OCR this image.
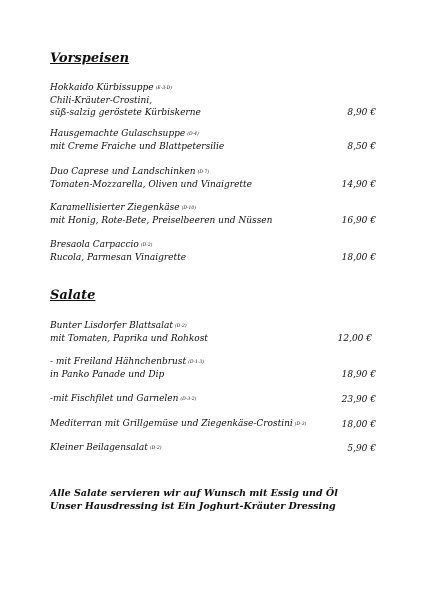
Vorspeisen
Hokkaido Kürbissuppe (E-3-D)
Chili-Kräuter-Crostini,
süß-salzig geröstete Kürbiskerne	8,90 €
Hausgemachte Gulaschsuppe (D-4)
mit Creme Fraiche und Blattpetersilie	8,50 €
Duo Caprese und Landschinken (D-7)
Tomaten-Mozzarella, Oliven und Vinaigrette	14,90 €
Karamellisierter Ziegenkäse (D-10)
mit Honig, Rote-Bete, Preiselbeeren und Nüssen	16,90 €
Bresaola Carpaccio (D-2)
Rucola, Parmesan Vinaigrette	18,00 €
Salate
Bunter Lisdorfer Blattsalat (D-2)
mit Tomaten, Paprika und Rohkost	12,00 €
- mit Freiland Hähnchenbrust (D-1-3)
in Panko Panade und Dip	18,90 €
-mit Fischfilet und Garnelen (D-3-2)	23,90 €
Mediterran mit Grillgemüse und Ziegenkäse-Crostini (D-3)	18,00 €
Kleiner Beilagensalat (D-2)	5,90 €
Alle Salate servieren wir auf Wunsch mit Essig und Öl
Unser Hausdressing ist Ein Joghurt-Kräuter Dressing
